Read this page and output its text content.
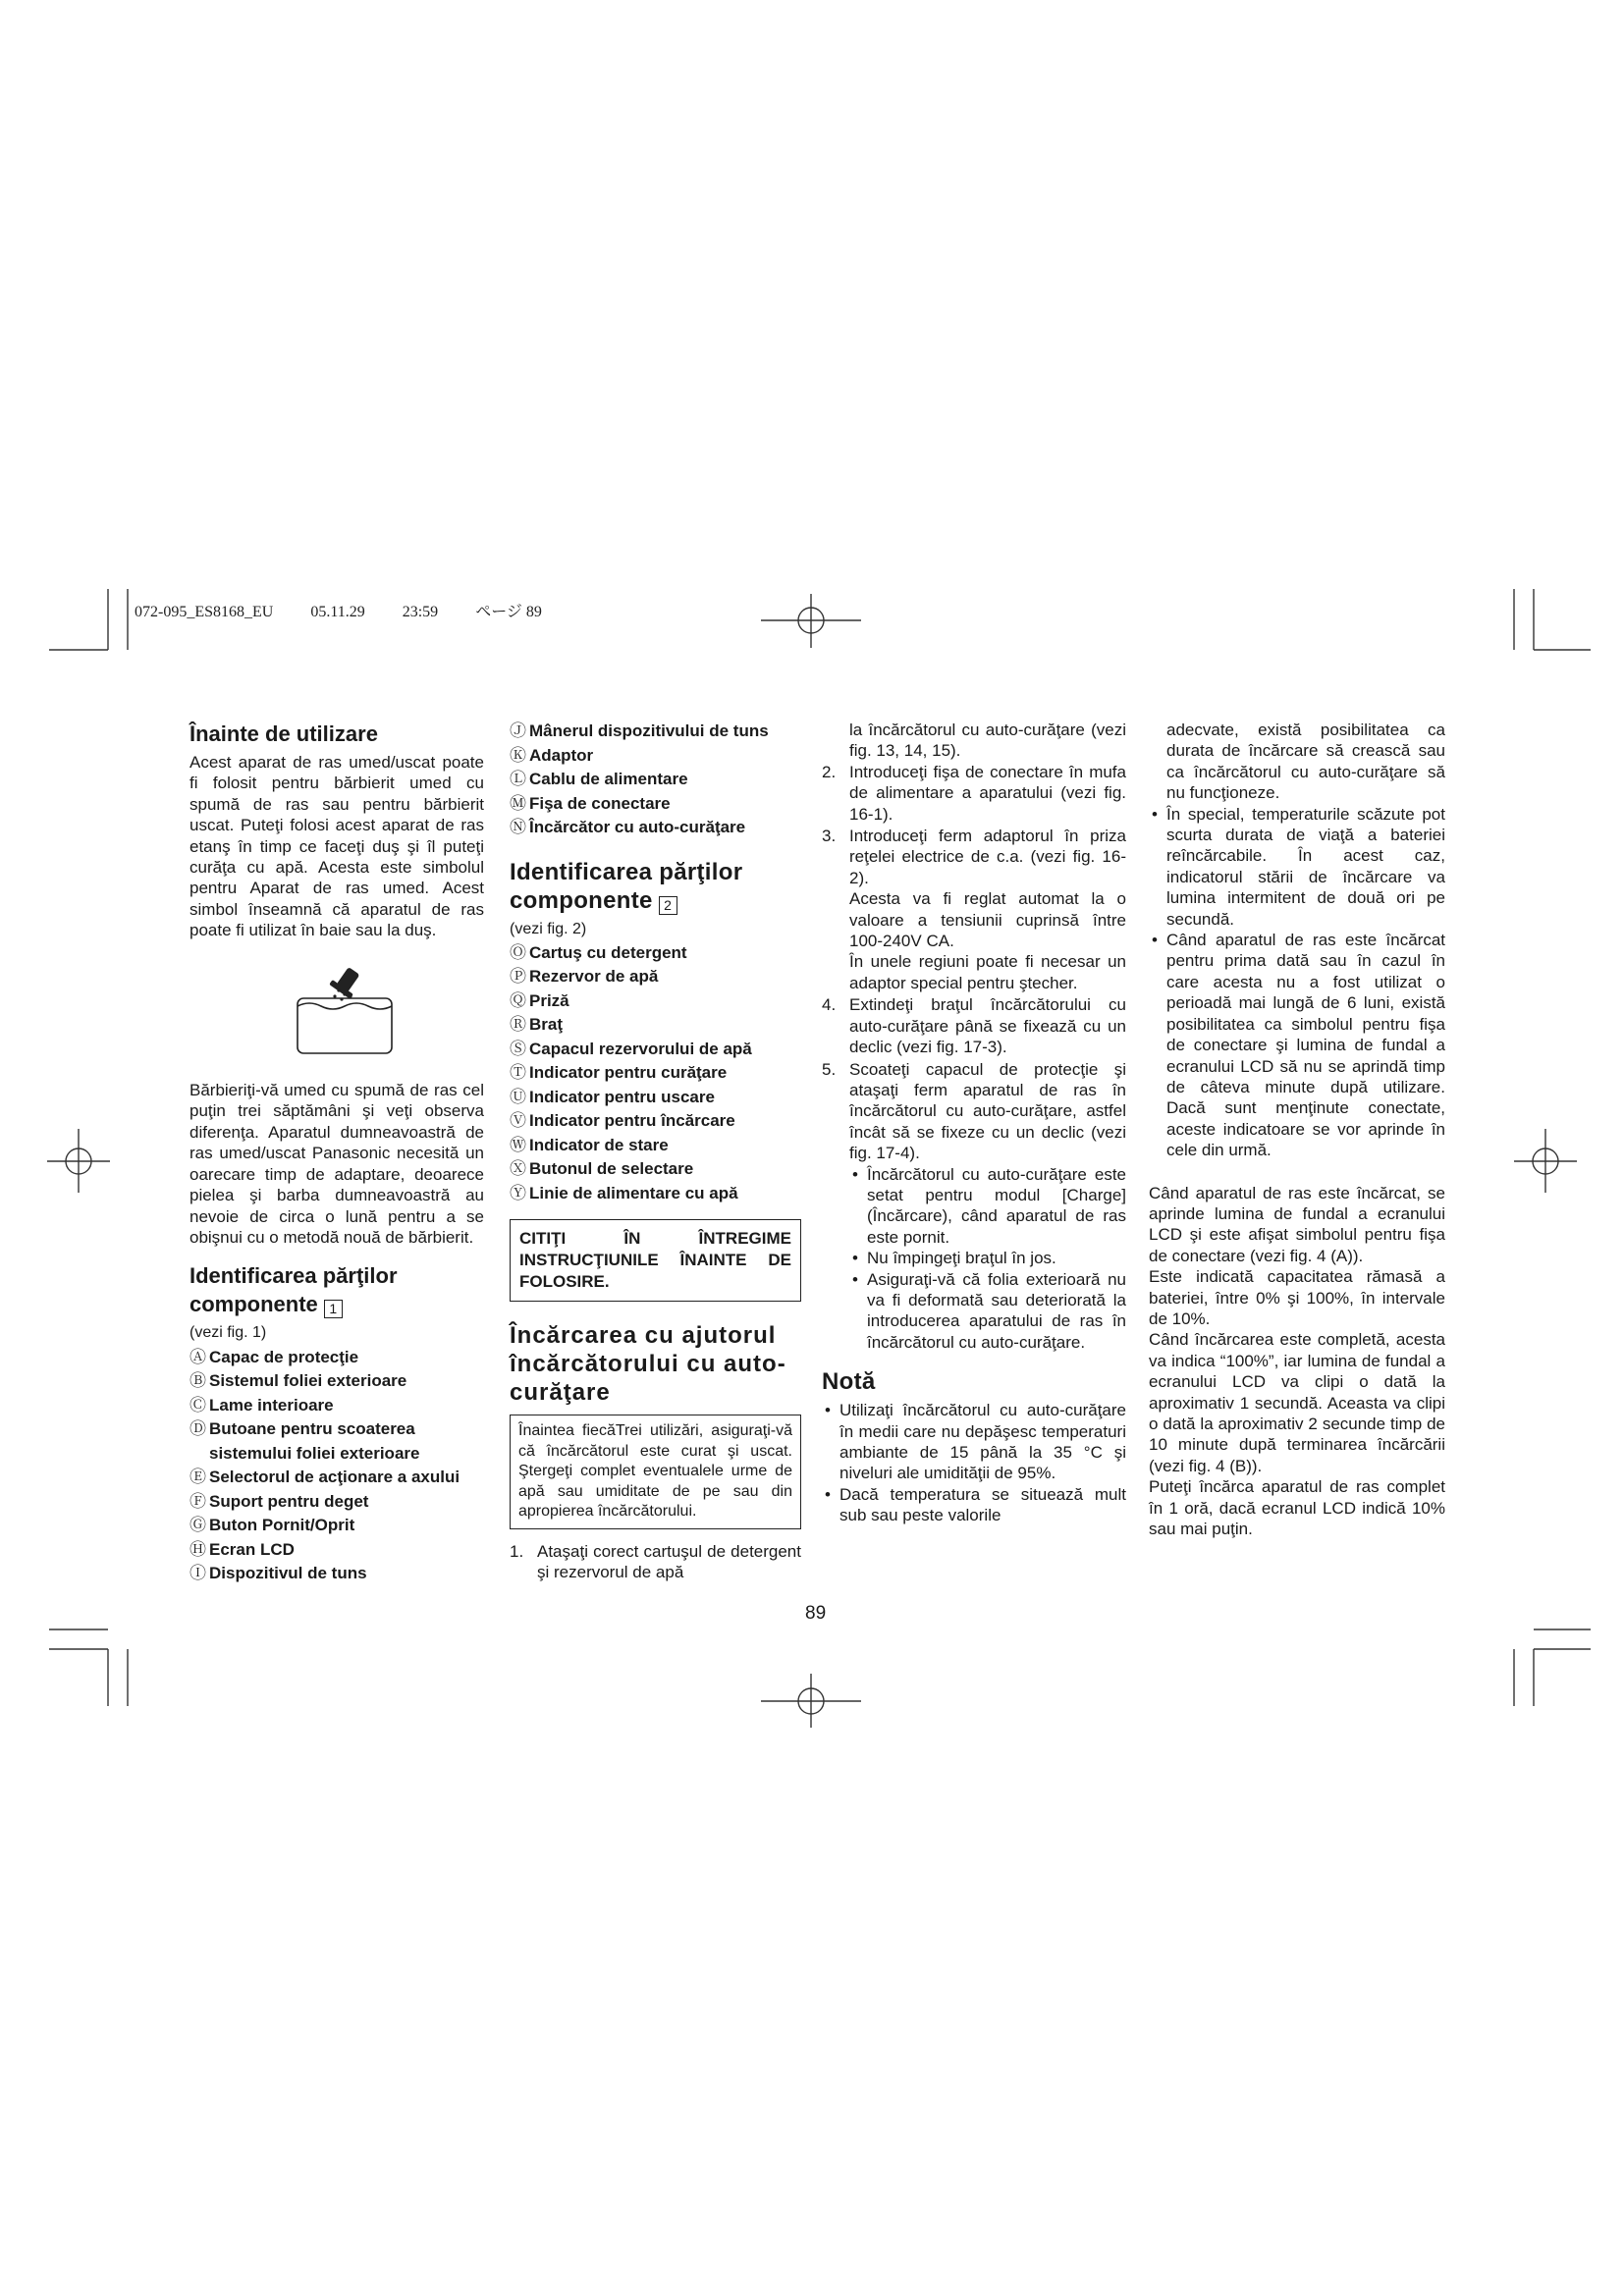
072-095_ES8168_EU 05.11.29 23:59 ページ 89
Înainte de utilizare

Acest aparat de ras umed/uscat poate fi folosit pentru bărbierit umed cu spumă de ras sau pentru bărbierit uscat. Puteţi folosi acest aparat de ras etanş în timp ce faceţi duş şi îl puteţi curăţa cu apă. Acesta este simbolul pentru Aparat de ras umed. Acest simbol înseamnă că aparatul de ras poate fi utilizat în baie sau la duş.

Bărbieriţi-vă umed cu spumă de ras cel puţin trei săptămâni şi veţi observa diferenţa. Aparatul dumneavoastră de ras umed/uscat Panasonic necesită un oarecare timp de adaptare, deoarece pielea şi barba dumneavoastră au nevoie de circa o lună pentru a se obişnui cu o metodă nouă de bărbierit.

Identificarea părţilor componente 1

(vezi fig. 1)

Ⓐ Capac de protecţie
Ⓑ Sistemul foliei exterioare
Ⓒ Lame interioare
Ⓓ Butoane pentru scoaterea sistemului foliei exterioare
Ⓔ Selectorul de acţionare a axului
Ⓕ Suport pentru deget
Ⓖ Buton Pornit/Oprit
Ⓗ Ecran LCD
Ⓘ Dispozitivul de tuns
Ⓙ Mânerul dispozitivului de tuns
Ⓚ Adaptor
Ⓛ Cablu de alimentare
Ⓜ Fişa de conectare
Ⓝ Încărcător cu auto-curăţare
Identificarea părţilor componente 2

(vezi fig. 2)

Ⓞ Cartuş cu detergent
Ⓟ Rezervor de apă
Ⓠ Priză
Ⓡ Braţ
Ⓢ Capacul rezervorului de apă
Ⓣ Indicator pentru curăţare
Ⓤ Indicator pentru uscare
Ⓥ Indicator pentru încărcare
Ⓦ Indicator de stare
Ⓧ Butonul de selectare
Ⓨ Linie de alimentare cu apă
CITIŢI ÎN ÎNTREGIME INSTRUCŢIUNILE ÎNAINTE DE FOLOSIRE.
Încărcarea cu ajutorul încărcătorului cu auto-curăţare
Înaintea fiecăTrei utilizări, asiguraţi-vă că încărcătorul este curat şi uscat. Ştergeţi complet eventualele urme de apă sau umiditate de pe sau din apropierea încărcătorului.
1. Ataşaţi corect cartuşul de detergent şi rezervorul de apă
89

la încărcătorul cu auto-curăţare (vezi fig. 13, 14, 15).

2. Introduceţi fişa de conectare în mufa de alimentare a aparatului (vezi fig. 16-1).
3. Introduceţi ferm adaptorul în priza reţelei electrice de c.a. (vezi fig. 16-2).

Acesta va fi reglat automat la o valoare a tensiunii cuprinsă între 100-240V CA.

În unele regiuni poate fi necesar un adaptor special pentru ştecher.

4. Extindeţi braţul încărcătorului cu auto-curăţare până se fixează cu un declic (vezi fig. 17-3).
5. Scoateţi capacul de protecţie şi ataşaţi ferm aparatul de ras în încărcătorul cu auto-curăţare, astfel încât să se fixeze cu un declic (vezi fig. 17-4).
• Încărcătorul cu auto-curăţare este setat pentru modul [Charge] (Încărcare), când aparatul de ras este pornit.
• Nu împingeţi braţul în jos.
• Asiguraţi-vă că folia exterioară nu va fi deformată sau deteriorată la introducerea aparatului de ras în încărcătorul cu auto-curăţare.
Notă
• Utilizaţi încărcătorul cu auto-curăţare în medii care nu depăşesc temperaturi ambiante de 15 până la 35 °C şi niveluri ale umidităţii de 95%.
• Dacă temperatura se situează mult sub sau peste valorile

adecvate, există posibilitatea ca durata de încărcare să crească sau ca încărcătorul cu auto-curăţare să nu funcţioneze.

• În special, temperaturile scăzute pot scurta durata de viaţă a bateriei reîncărcabile. În acest caz, indicatorul stării de încărcare va lumina intermitent de două ori pe secundă.
• Când aparatul de ras este încărcat pentru prima dată sau în cazul în care acesta nu a fost utilizat o perioadă mai lungă de 6 luni, există posibilitatea ca simbolul pentru fişa de conectare şi lumina de fundal a ecranului LCD să nu se aprindă timp de câteva minute după utilizare. Dacă sunt menţinute conectate, acestе indicatoare se vor aprinde în cele din urmă.

Când aparatul de ras este încărcat, se aprinde lumina de fundal a ecranului LCD şi este afişat simbolul pentru fişa de conectare (vezi fig. 4 (A)).

Este indicată capacitatea rămasă a bateriei, între 0% şi 100%, în intervale de 10%.

Când încărcarea este completă, acesta va indica “100%”, iar lumina de fundal a ecranului LCD va clipi o dată la aproximativ 1 secundă. Aceasta va clipi o dată la aproximativ 2 secunde timp de 10 minute după terminarea încărcării (vezi fig. 4 (B)).

Puteţi încărca aparatul de ras complet în 1 oră, dacă ecranul LCD indică 10% sau mai puţin.
